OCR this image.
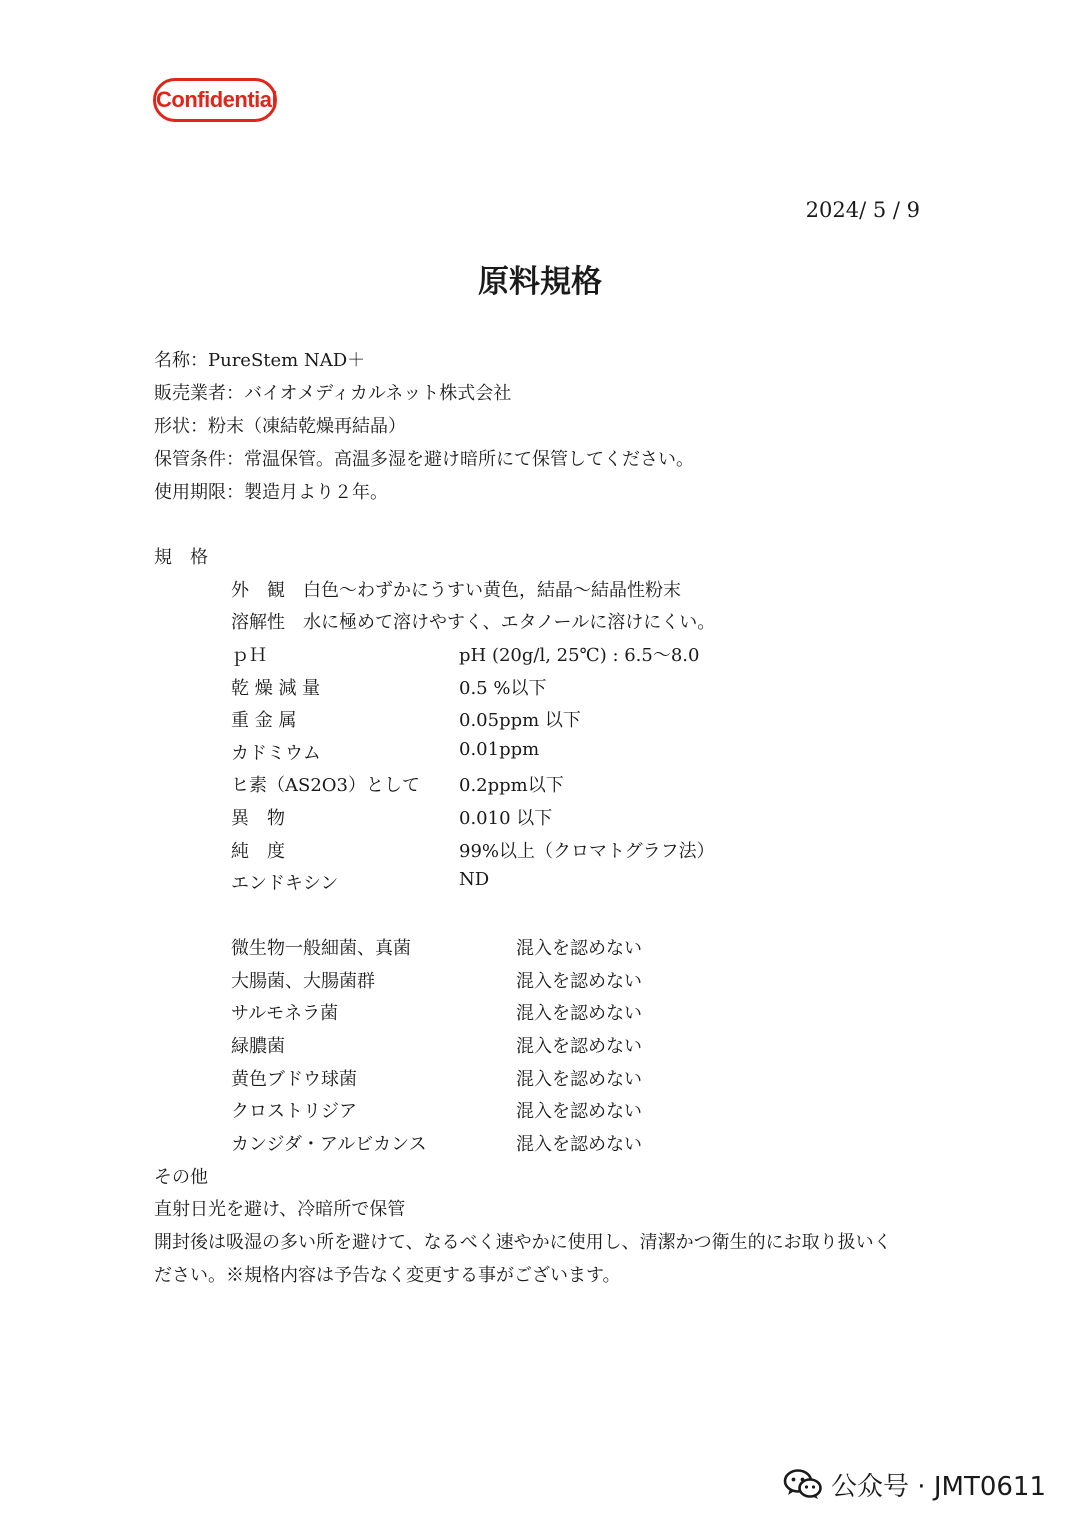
Confidential
2024/ 5 / 9
原料規格
名称：PureStem NAD＋
販売業者：バイオメディカルネット株式会社
形状：粉末（凍結乾燥再結晶）
保管条件：常温保管。高温多湿を避け暗所にて保管してください。
使用期限：製造月より２年。
規　格
外　観　白色～わずかにうすい黄色，結晶～結晶性粉末
溶解性　水に極めて溶けやすく、エタノールに溶けにくい。
ｐＨ	pH (20g/l, 25℃) : 6.5～8.0
乾 燥 減 量	0.5 %以下
重 金 属	0.05ppm 以下
カドミウム	0.01ppm
ヒ素（AS2O3）として 0.2ppm以下
異　物	0.010 以下
純　度	99%以上（クロマトグラフ法）
エンドキシン	ND
微生物一般細菌、真菌	混入を認めない
大腸菌、大腸菌群	混入を認めない
サルモネラ菌	混入を認めない
緑膿菌	混入を認めない
黄色ブドウ球菌	混入を認めない
クロストリジア	混入を認めない
カンジダ・アルビカンス	混入を認めない
その他
直射日光を避け、冷暗所で保管
開封後は吸湿の多い所を避けて、なるべく速やかに使用し、清潔かつ衛生的にお取り扱いく
ださい。※規格内容は予告なく変更する事がございます。
公众号 · JMT0611
